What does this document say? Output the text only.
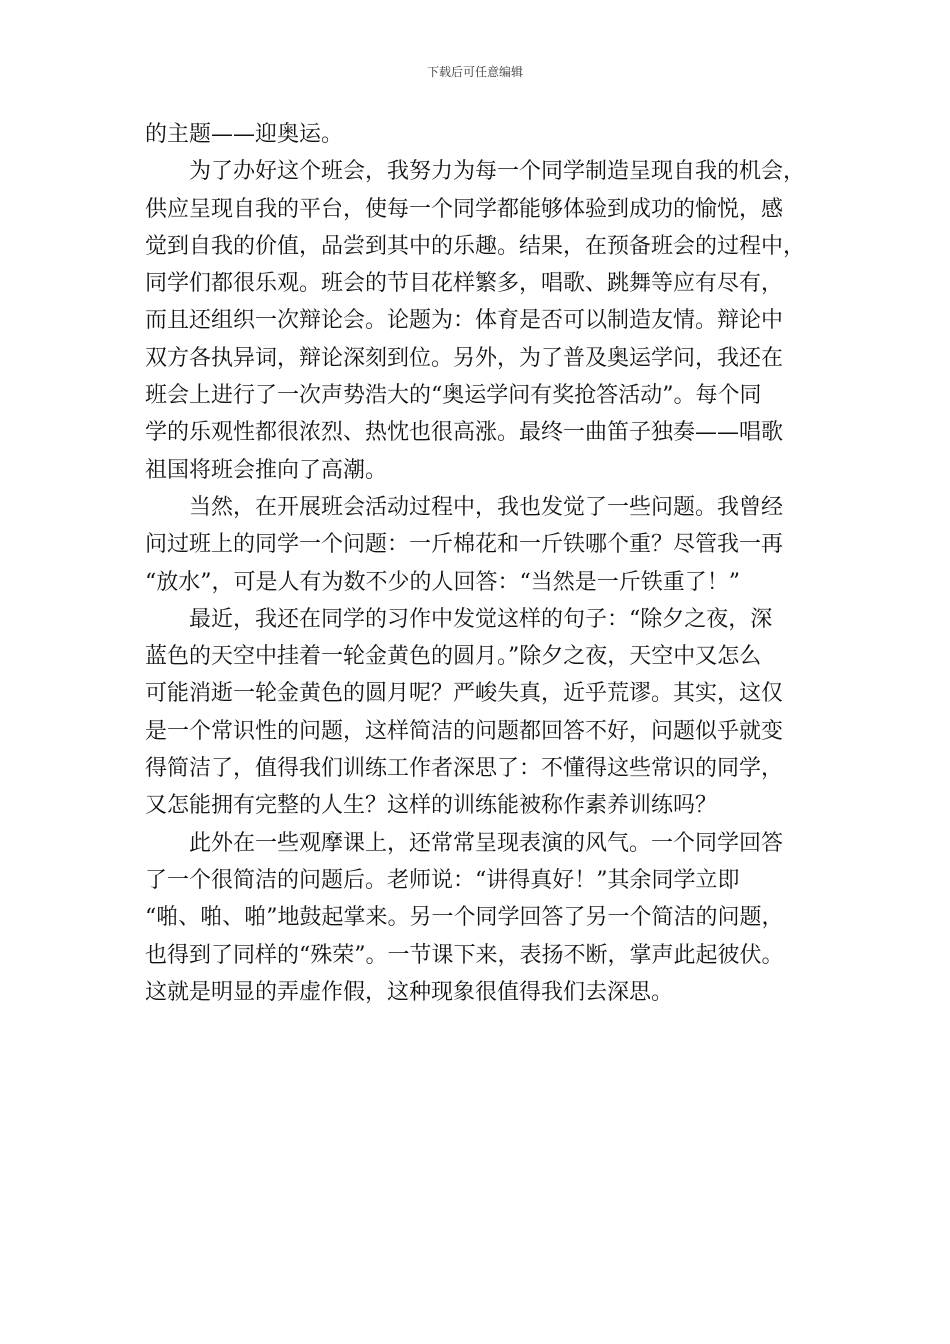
下载后可任意编辑
的主题——迎奥运。
为了办好这个班会，我努力为每一个同学制造呈现自我的机会，
供应呈现自我的平台，使每一个同学都能够体验到成功的愉悦，感
觉到自我的价值，品尝到其中的乐趣。结果，在预备班会的过程中，
同学们都很乐观。班会的节目花样繁多，唱歌、跳舞等应有尽有，
而且还组织一次辩论会。论题为：体育是否可以制造友情。辩论中
双方各执异词，辩论深刻到位。另外，为了普及奥运学问，我还在
班会上进行了一次声势浩大的“奥运学问有奖抢答活动”。每个同
学的乐观性都很浓烈、热忱也很高涨。最终一曲笛子独奏——唱歌
祖国将班会推向了高潮。
当然，在开展班会活动过程中，我也发觉了一些问题。我曾经
问过班上的同学一个问题：一斤棉花和一斤铁哪个重？尽管我一再
“放水”，可是人有为数不少的人回答：“当然是一斤铁重了！”
最近，我还在同学的习作中发觉这样的句子：“除夕之夜，深
蓝色的天空中挂着一轮金黄色的圆月。”除夕之夜，天空中又怎么
可能消逝一轮金黄色的圆月呢？严峻失真，近乎荒谬。其实，这仅
是一个常识性的问题，这样简洁的问题都回答不好，问题似乎就变
得简洁了，值得我们训练工作者深思了：不懂得这些常识的同学，
又怎能拥有完整的人生？这样的训练能被称作素养训练吗？
此外在一些观摩课上，还常常呈现表演的风气。一个同学回答
了一个很简洁的问题后。老师说：“讲得真好！”其余同学立即
“啪、啪、啪”地鼓起掌来。另一个同学回答了另一个简洁的问题，
也得到了同样的“殊荣”。一节课下来，表扬不断，掌声此起彼伏。
这就是明显的弄虚作假，这种现象很值得我们去深思。
